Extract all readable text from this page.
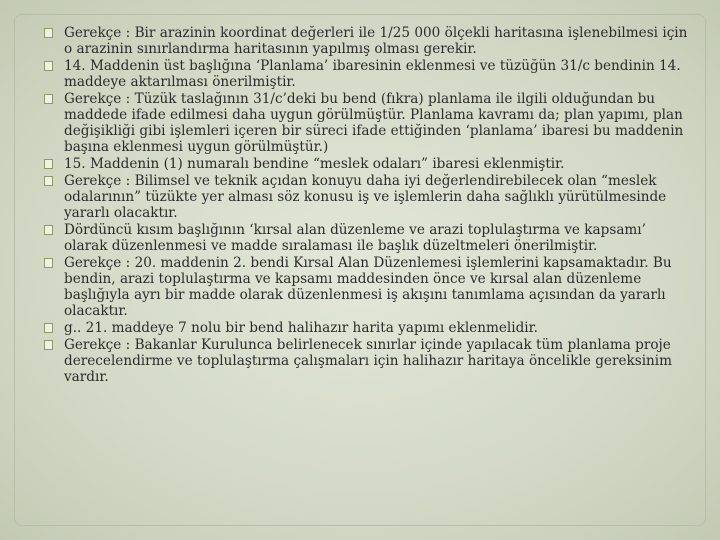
Gerekçe : Bir arazinin koordinat değerleri ile 1/25 000 ölçekli haritasına işlenebilmesi için o arazinin sınırlandırma haritasının yapılmış olması gerekir.
14. Maddenin üst başlığına ‘Planlama’ ibaresinin eklenmesi ve tüzüğün 31/c bendinin 14. maddeye aktarılması önerilmiştir.
Gerekçe : Tüzük taslağının 31/c’deki bu bend (fıkra) planlama ile ilgili olduğundan bu maddede ifade edilmesi daha uygun görülmüştür. Planlama kavramı da; plan yapımı, plan değişikliği gibi işlemleri içeren bir süreci ifade ettiğinden ‘planlama’ ibaresi bu maddenin başına eklenmesi uygun görülmüştür.)
15. Maddenin (1) numaralı bendine “meslek odaları” ibaresi eklenmiştir.
Gerekçe : Bilimsel ve teknik açıdan konuyu daha iyi değerlendirebilecek olan “meslek odalarının” tüzükte yer alması söz konusu iş ve işlemlerin daha sağlıklı yürütülmesinde yararlı olacaktır.
Dördüncü kısım başlığının ‘kırsal alan düzenleme ve arazi toplulaştırma ve kapsamı’ olarak düzenlenmesi ve madde sıralaması ile başlık düzeltmeleri önerilmiştir.
Gerekçe : 20. maddenin 2. bendi Kırsal Alan Düzenlemesi işlemlerini kapsamaktadır. Bu bendin, arazi toplulaştırma ve kapsamı maddesinden önce ve kırsal alan düzenleme başlığıyla ayrı bir madde olarak düzenlenmesi iş akışını tanımlama açısından da yararlı olacaktır.
g.. 21. maddeye 7 nolu bir bend halihazır harita yapımı eklenmelidir.
Gerekçe : Bakanlar Kurulunca belirlenecek sınırlar içinde yapılacak tüm planlama proje derecelendirme ve toplulaştırma çalışmaları için halihazır haritaya öncelikle gereksinim vardır.
